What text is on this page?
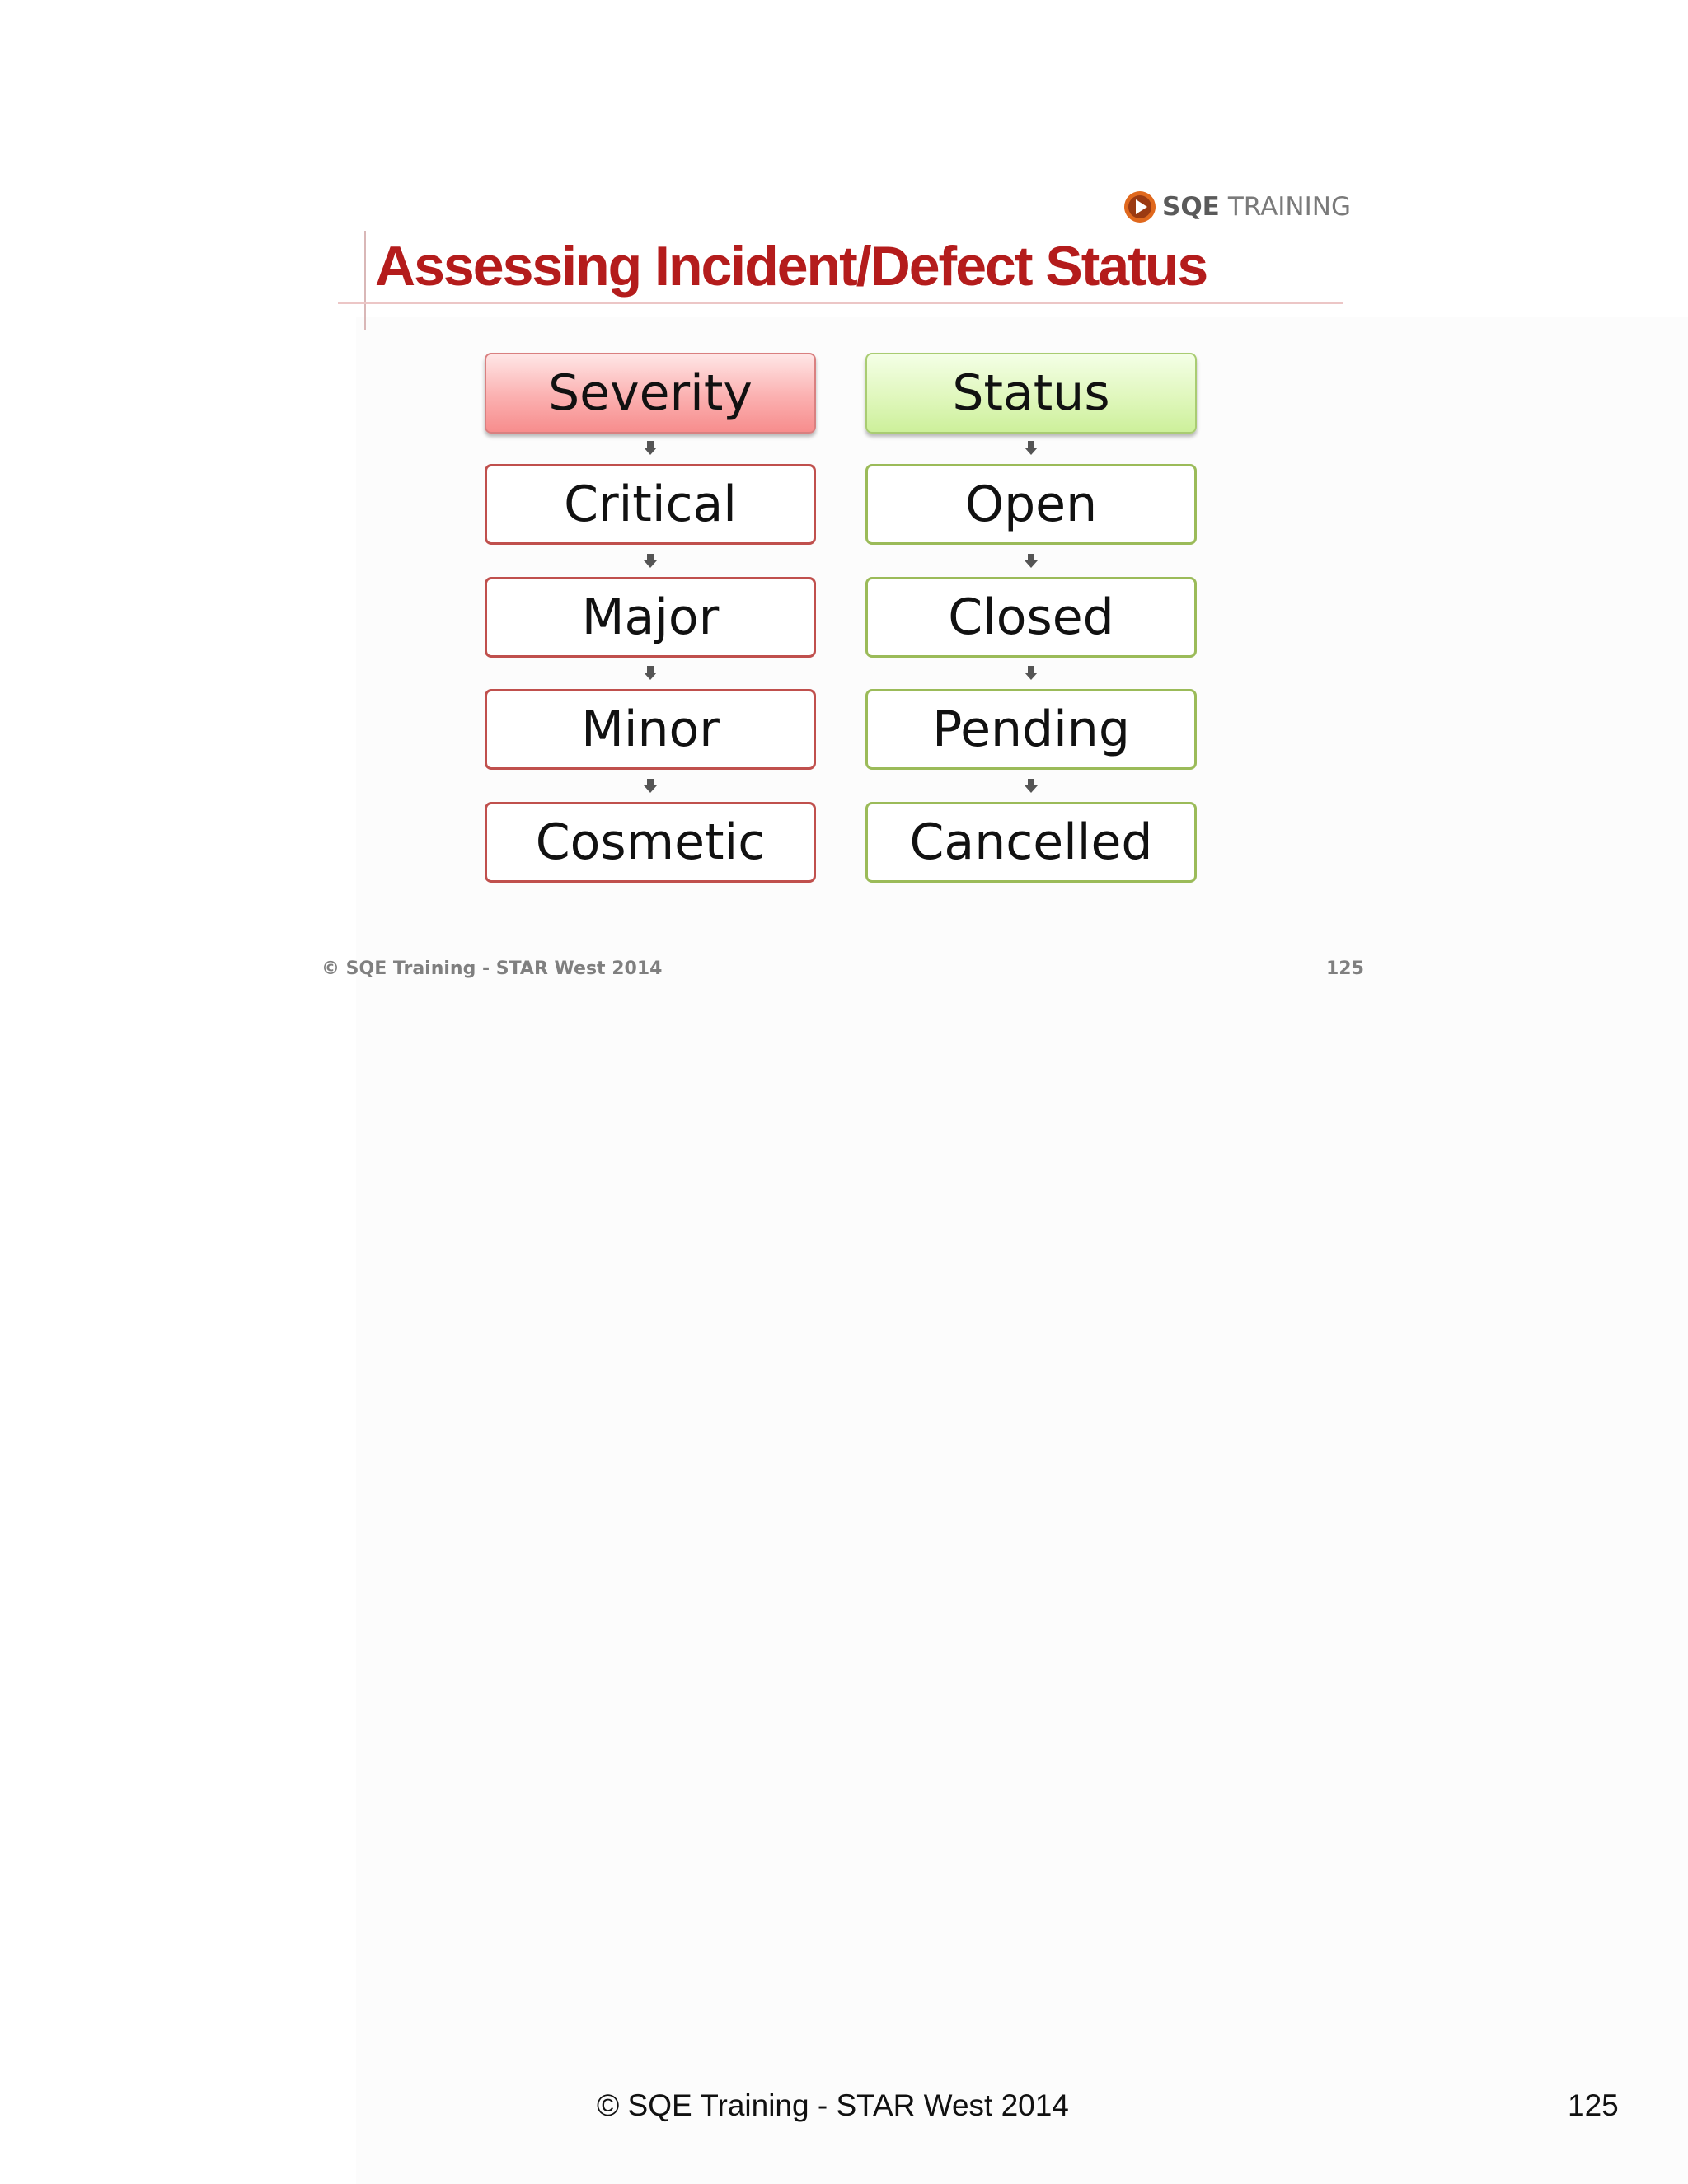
SQE TRAINING
Assessing Incident/Defect Status
Severity
Critical
Major
Minor
Cosmetic
Status
Open
Closed
Pending
Cancelled
© SQE Training - STAR West 2014	125
© SQE Training - STAR West 2014	125
